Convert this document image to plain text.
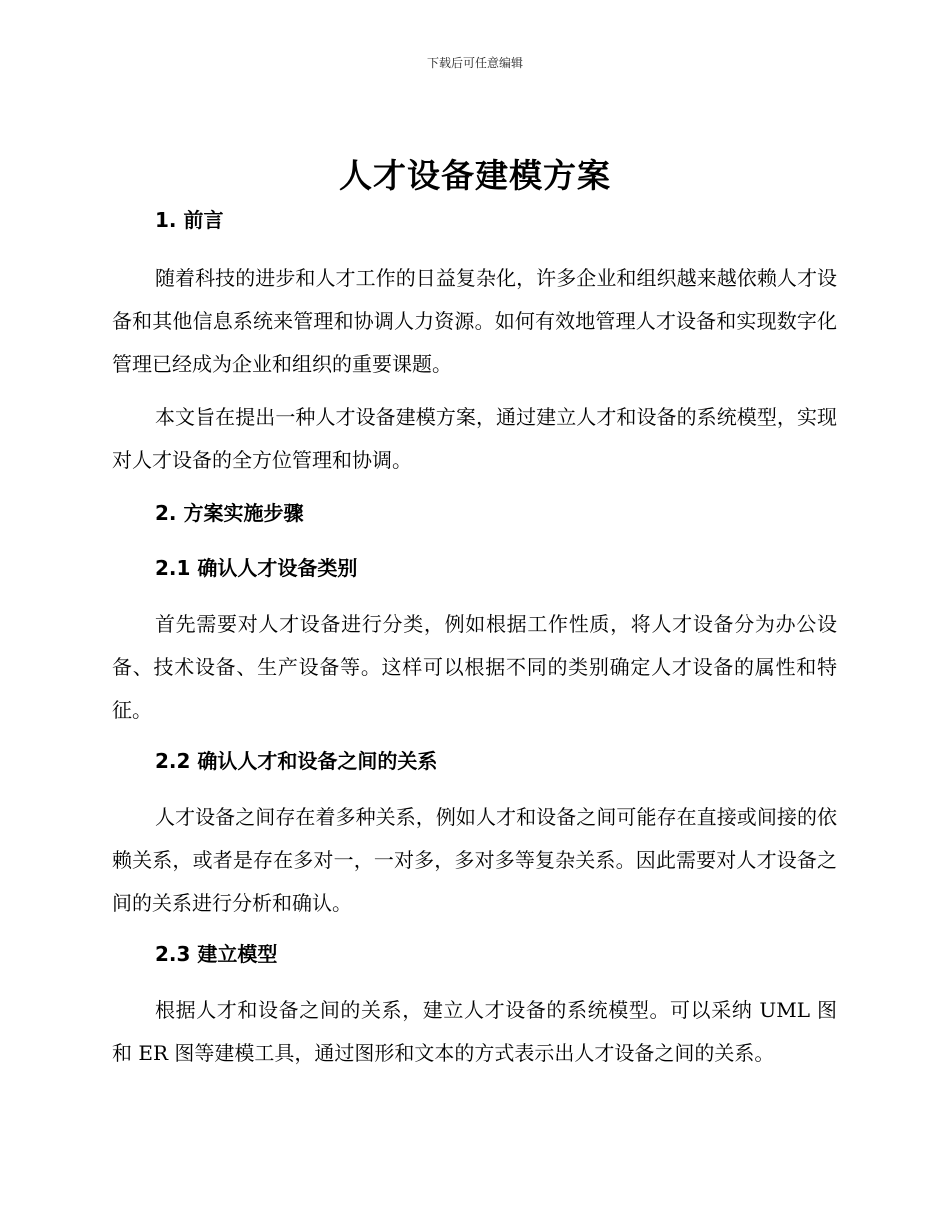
下载后可任意编辑
人才设备建模方案
1. 前言

随着科技的进步和人才工作的日益复杂化，许多企业和组织越来越依赖人才设备和其他信息系统来管理和协调人力资源。如何有效地管理人才设备和实现数字化管理已经成为企业和组织的重要课题。

本文旨在提出一种人才设备建模方案，通过建立人才和设备的系统模型，实现对人才设备的全方位管理和协调。

2. 方案实施步骤
2.1 确认人才设备类别

首先需要对人才设备进行分类，例如根据工作性质，将人才设备分为办公设备、技术设备、生产设备等。这样可以根据不同的类别确定人才设备的属性和特征。

2.2 确认人才和设备之间的关系

人才设备之间存在着多种关系，例如人才和设备之间可能存在直接或间接的依赖关系，或者是存在多对一，一对多，多对多等复杂关系。因此需要对人才设备之间的关系进行分析和确认。

2.3 建立模型

根据人才和设备之间的关系，建立人才设备的系统模型。可以采纳 UML 图和 ER 图等建模工具，通过图形和文本的方式表示出人才设备之间的关系。
